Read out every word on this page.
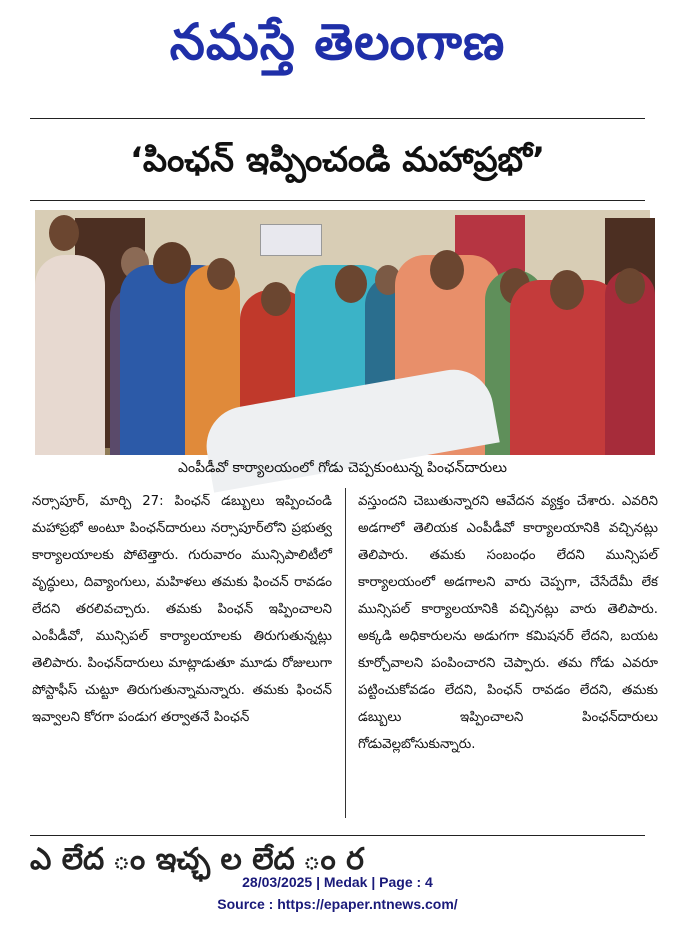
నమస్తే తెలంగాణ
‘పింఛన్ ఇప్పించండి మహాప్రభో’
ఎంపీడీవో కార్యాలయంలో గోడు చెప్పకుంటున్న పింఛన్‌దారులు

నర్సాపూర్, మార్చి 27: పింఛన్ డబ్బులు ఇప్పించండి మహాప్రభో అంటూ పింఛన్‌దారులు నర్సాపూర్‌లోని ప్రభుత్వ కార్యాలయాలకు పోటెత్తారు. గురువారం మున్సిపాలిటీలో వృద్ధులు, దివ్యాంగులు, మహిళలు తమకు ఫించన్ రావడం లేదని తరలివచ్చారు. తమకు పింఛన్ ఇప్పించాలని ఎంపీడీవో, మున్సిపల్ కార్యాలయాలకు తిరుగుతున్నట్లు తెలిపారు. పింఛన్‌దారులు మాట్లాడుతూ మూడు రోజులుగా పోస్టాఫీస్ చుట్టూ తిరుగుతున్నామన్నారు. తమకు ఫించన్ ఇవ్వాలని కోరగా పండుగ తర్వాతనే పింఛన్

వస్తుందని చెబుతున్నారని ఆవేదన వ్యక్తం చేశారు. ఎవరిని అడగాలో తెలియక ఎంపీడీవో కార్యాలయానికి వచ్చినట్లు తెలిపారు. తమకు సంబంధం లేదని మున్సిపల్ కార్యాలయంలో అడగాలని వారు చెప్పగా, చేసేదేమీ లేక మున్సిపల్ కార్యాలయానికి వచ్చినట్లు వారు తెలిపారు. అక్కడి అధికారులను అడుగగా కమిషనర్ లేదని, బయట కూర్చోవాలని పంపించారని చెప్పారు. తమ గోడు ఎవరూ పట్టించుకోవడం లేదని, పింఛన్ రావడం లేదని, తమకు డబ్బులు ఇప్పించాలని పింఛన్‌దారులు గోడువెల్లబోసుకున్నారు.

ఎ లేద ం ఇచ్ఛ ల లేద ం ర
28/03/2025 | Medak | Page : 4
Source : https://epaper.ntnews.com/
